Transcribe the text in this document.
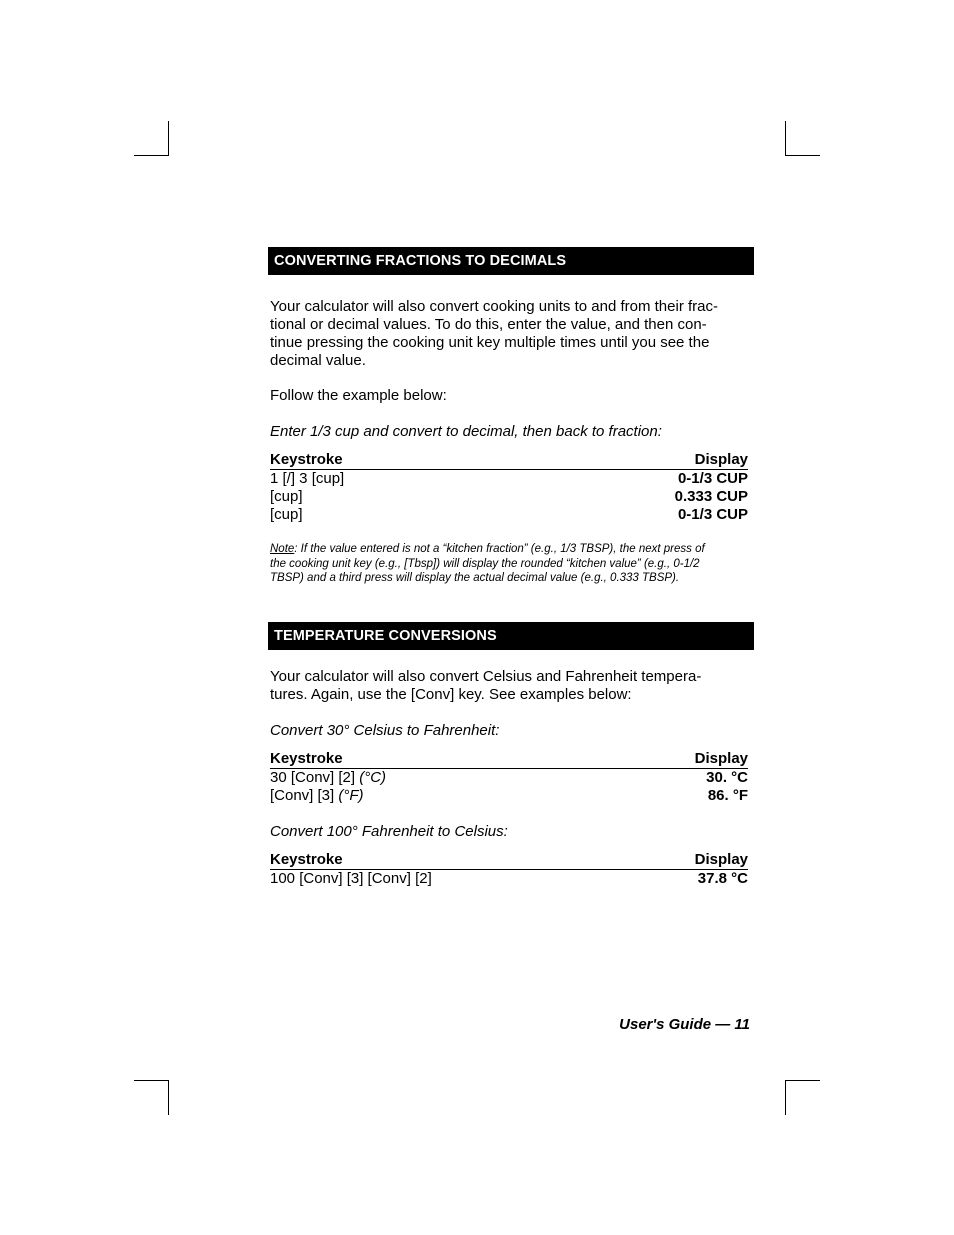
CONVERTING FRACTIONS TO DECIMALS

Your calculator will also convert cooking units to and from their frac-
tional or decimal values. To do this, enter the value, and then con-
tinue pressing the cooking unit key multiple times until you see the
decimal value.

Follow the example below:

Enter 1/3 cup and convert to decimal, then back to fraction:

Keystroke	Display
1 [/] 3 [cup]	0-1/3 CUP
[cup]	0.333 CUP
[cup]	0-1/3 CUP

Note: If the value entered is not a “kitchen fraction” (e.g., 1/3 TBSP), the next press of
the cooking unit key (e.g., [Tbsp]) will display the rounded “kitchen value” (e.g., 0-1/2
TBSP) and a third press will display the actual decimal value (e.g., 0.333 TBSP).

TEMPERATURE CONVERSIONS

Your calculator will also convert Celsius and Fahrenheit tempera-
tures. Again, use the [Conv] key. See examples below:

Convert 30° Celsius to Fahrenheit:

Keystroke	Display
30 [Conv] [2] (°C)	30. °C
[Conv] [3] (°F)	86. °F

Convert 100° Fahrenheit to Celsius:

Keystroke	Display
100 [Conv] [3] [Conv] [2]	37.8 °C
User's Guide — 11
